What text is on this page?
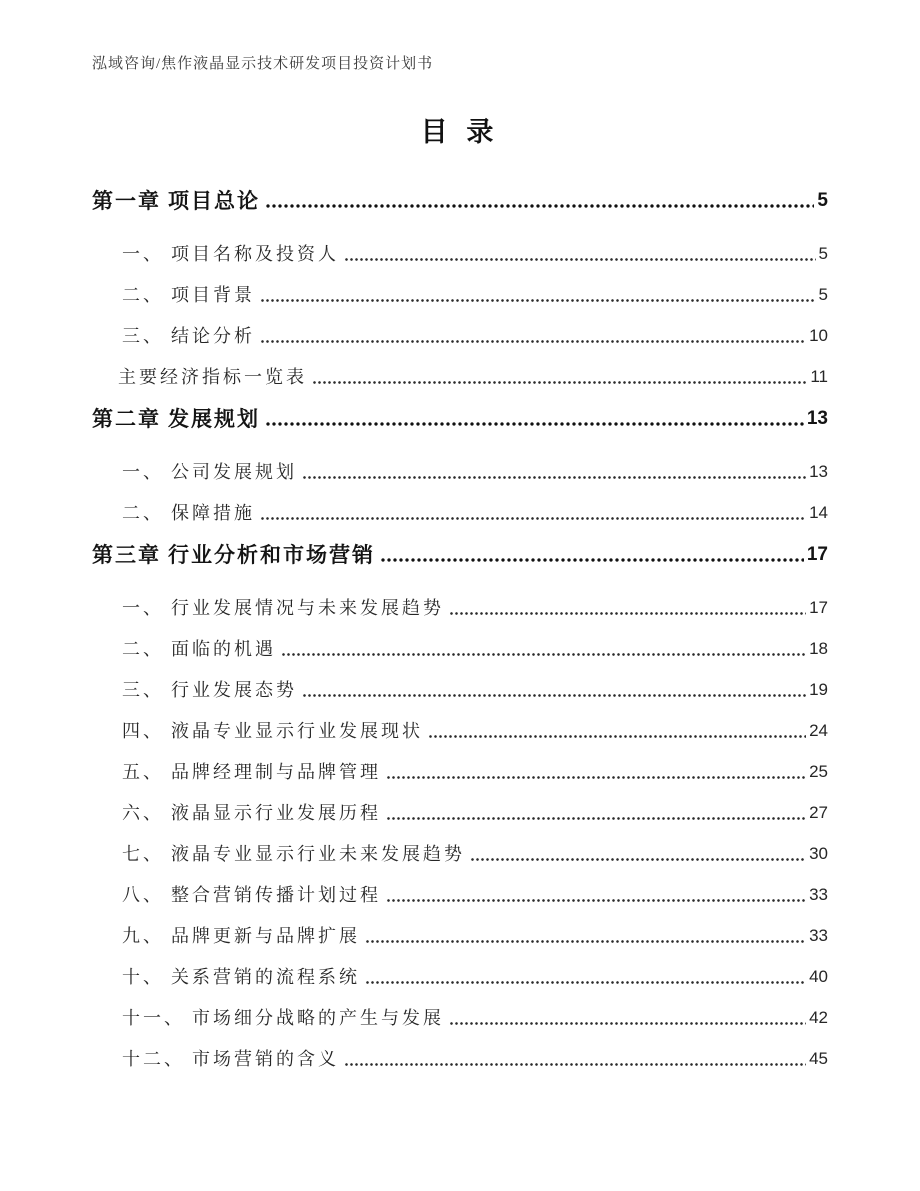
泓域咨询/焦作液晶显示技术研发项目投资计划书
目 录
第一章 项目总论	5
一、 项目名称及投资人	5
二、 项目背景	5
三、 结论分析	10
主要经济指标一览表	11
第二章 发展规划	13
一、 公司发展规划	13
二、 保障措施	14
第三章 行业分析和市场营销	17
一、 行业发展情况与未来发展趋势	17
二、 面临的机遇	18
三、 行业发展态势	19
四、 液晶专业显示行业发展现状	24
五、 品牌经理制与品牌管理	25
六、 液晶显示行业发展历程	27
七、 液晶专业显示行业未来发展趋势	30
八、 整合营销传播计划过程	33
九、 品牌更新与品牌扩展	33
十、 关系营销的流程系统	40
十一、 市场细分战略的产生与发展	42
十二、 市场营销的含义	45
